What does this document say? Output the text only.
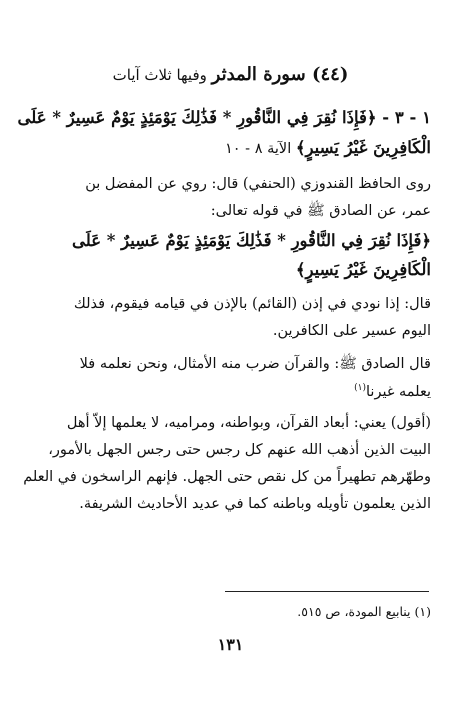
(٤٤) سورة المدثر وفيها ثلاث آيات
١ - ٣ - ﴿فَإِذَا نُقِرَ فِي النَّاقُورِ * فَذَٰلِكَ يَوْمَئِذٍ يَوْمٌ عَسِيرٌ * عَلَى
الْكَافِرِينَ غَيْرُ يَسِيرٍ﴾ الآية ٨ - ١٠
روى الحافظ القندوزي (الحنفي) قال: روي عن المفضل بن
عمر، عن الصادق ﷺ في قوله تعالى:
﴿فَإِذَا نُقِرَ فِي النَّاقُورِ * فَذَٰلِكَ يَوْمَئِذٍ يَوْمٌ عَسِيرٌ * عَلَى
الْكَافِرِينَ غَيْرُ يَسِيرٍ﴾
قال: إذا نودي في إذن (القائم) بالإذن في قيامه فيقوم، فذلك
اليوم عسير على الكافرين.
قال الصادق ﷺ: والقرآن ضرب منه الأمثال، ونحن نعلمه فلا
يعلمه غيرنا$^{(١)}$
(أقول) يعني: أبعاد القرآن، وبواطنه، ومراميه، لا يعلمها إلاّ أهل
البيت الذين أذهب الله عنهم كل رجس حتى رجس الجهل بالأمور،
وطهّرهم تطهيراً من كل نقص حتى الجهل. فإنهم الراسخون في العلم
الذين يعلمون تأويله وباطنه كما في عديد الأحاديث الشريفة.
(١) ينابيع المودة، ص ٥١٥.
١٣١
